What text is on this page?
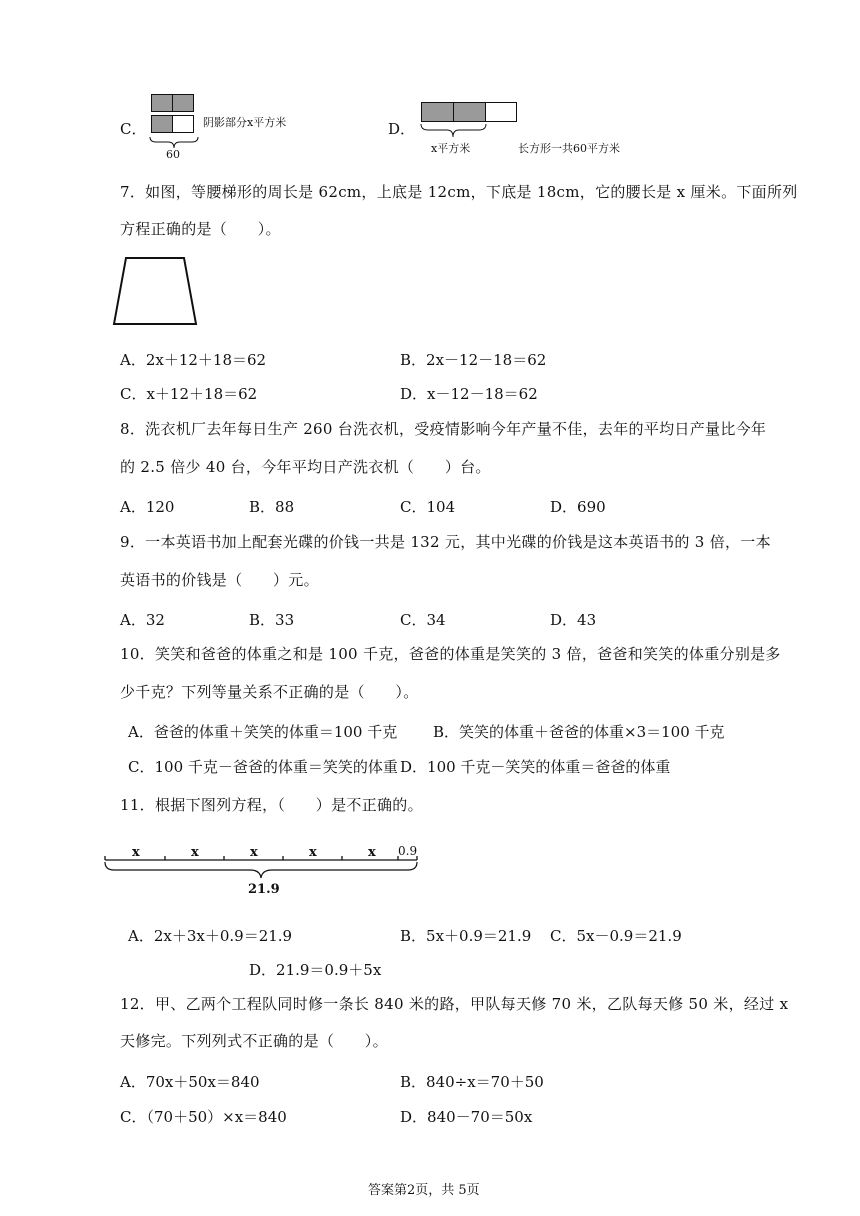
C．
60
阴影部分x平方米	D．
x平方米	长方形一共60平方米
7．如图，等腰梯形的周长是 62cm，上底是 12cm，下底是 18cm，它的腰长是 x 厘米。下面所列
方程正确的是（　　）。
A．2x＋12＋18＝62	B．2x－12－18＝62
C．x＋12＋18＝62	D．x－12－18＝62
8．洗衣机厂去年每日生产 260 台洗衣机，受疫情影响今年产量不佳，去年的平均日产量比今年
的 2.5 倍少 40 台，今年平均日产洗衣机（　　）台。
A．120	B．88	C．104	D．690
9．一本英语书加上配套光碟的价钱一共是 132 元，其中光碟的价钱是这本英语书的 3 倍，一本
英语书的价钱是（　　）元。
A．32	B．33	C．34	D．43
10．笑笑和爸爸的体重之和是 100 千克，爸爸的体重是笑笑的 3 倍，爸爸和笑笑的体重分别是多
少千克？下列等量关系不正确的是（　　）。
A．爸爸的体重＋笑笑的体重＝100 千克 B．笑笑的体重＋爸爸的体重×3＝100 千克
C．100 千克－爸爸的体重＝笑笑的体重 D．100 千克－笑笑的体重＝爸爸的体重
11．根据下图列方程，（　　）是不正确的。
x	x	x	x	x 0.9
21.9
A．2x＋3x＋0.9＝21.9	B．5x＋0.9＝21.9 C．5x－0.9＝21.9
D．21.9＝0.9＋5x
12．甲、乙两个工程队同时修一条长 840 米的路，甲队每天修 70 米，乙队每天修 50 米，经过 x
天修完。下列列式不正确的是（　　）。
A．70x＋50x＝840	B．840÷x＝70＋50
C．（70＋50）×x＝840	D．840－70＝50x
答案第2页，共 5页
